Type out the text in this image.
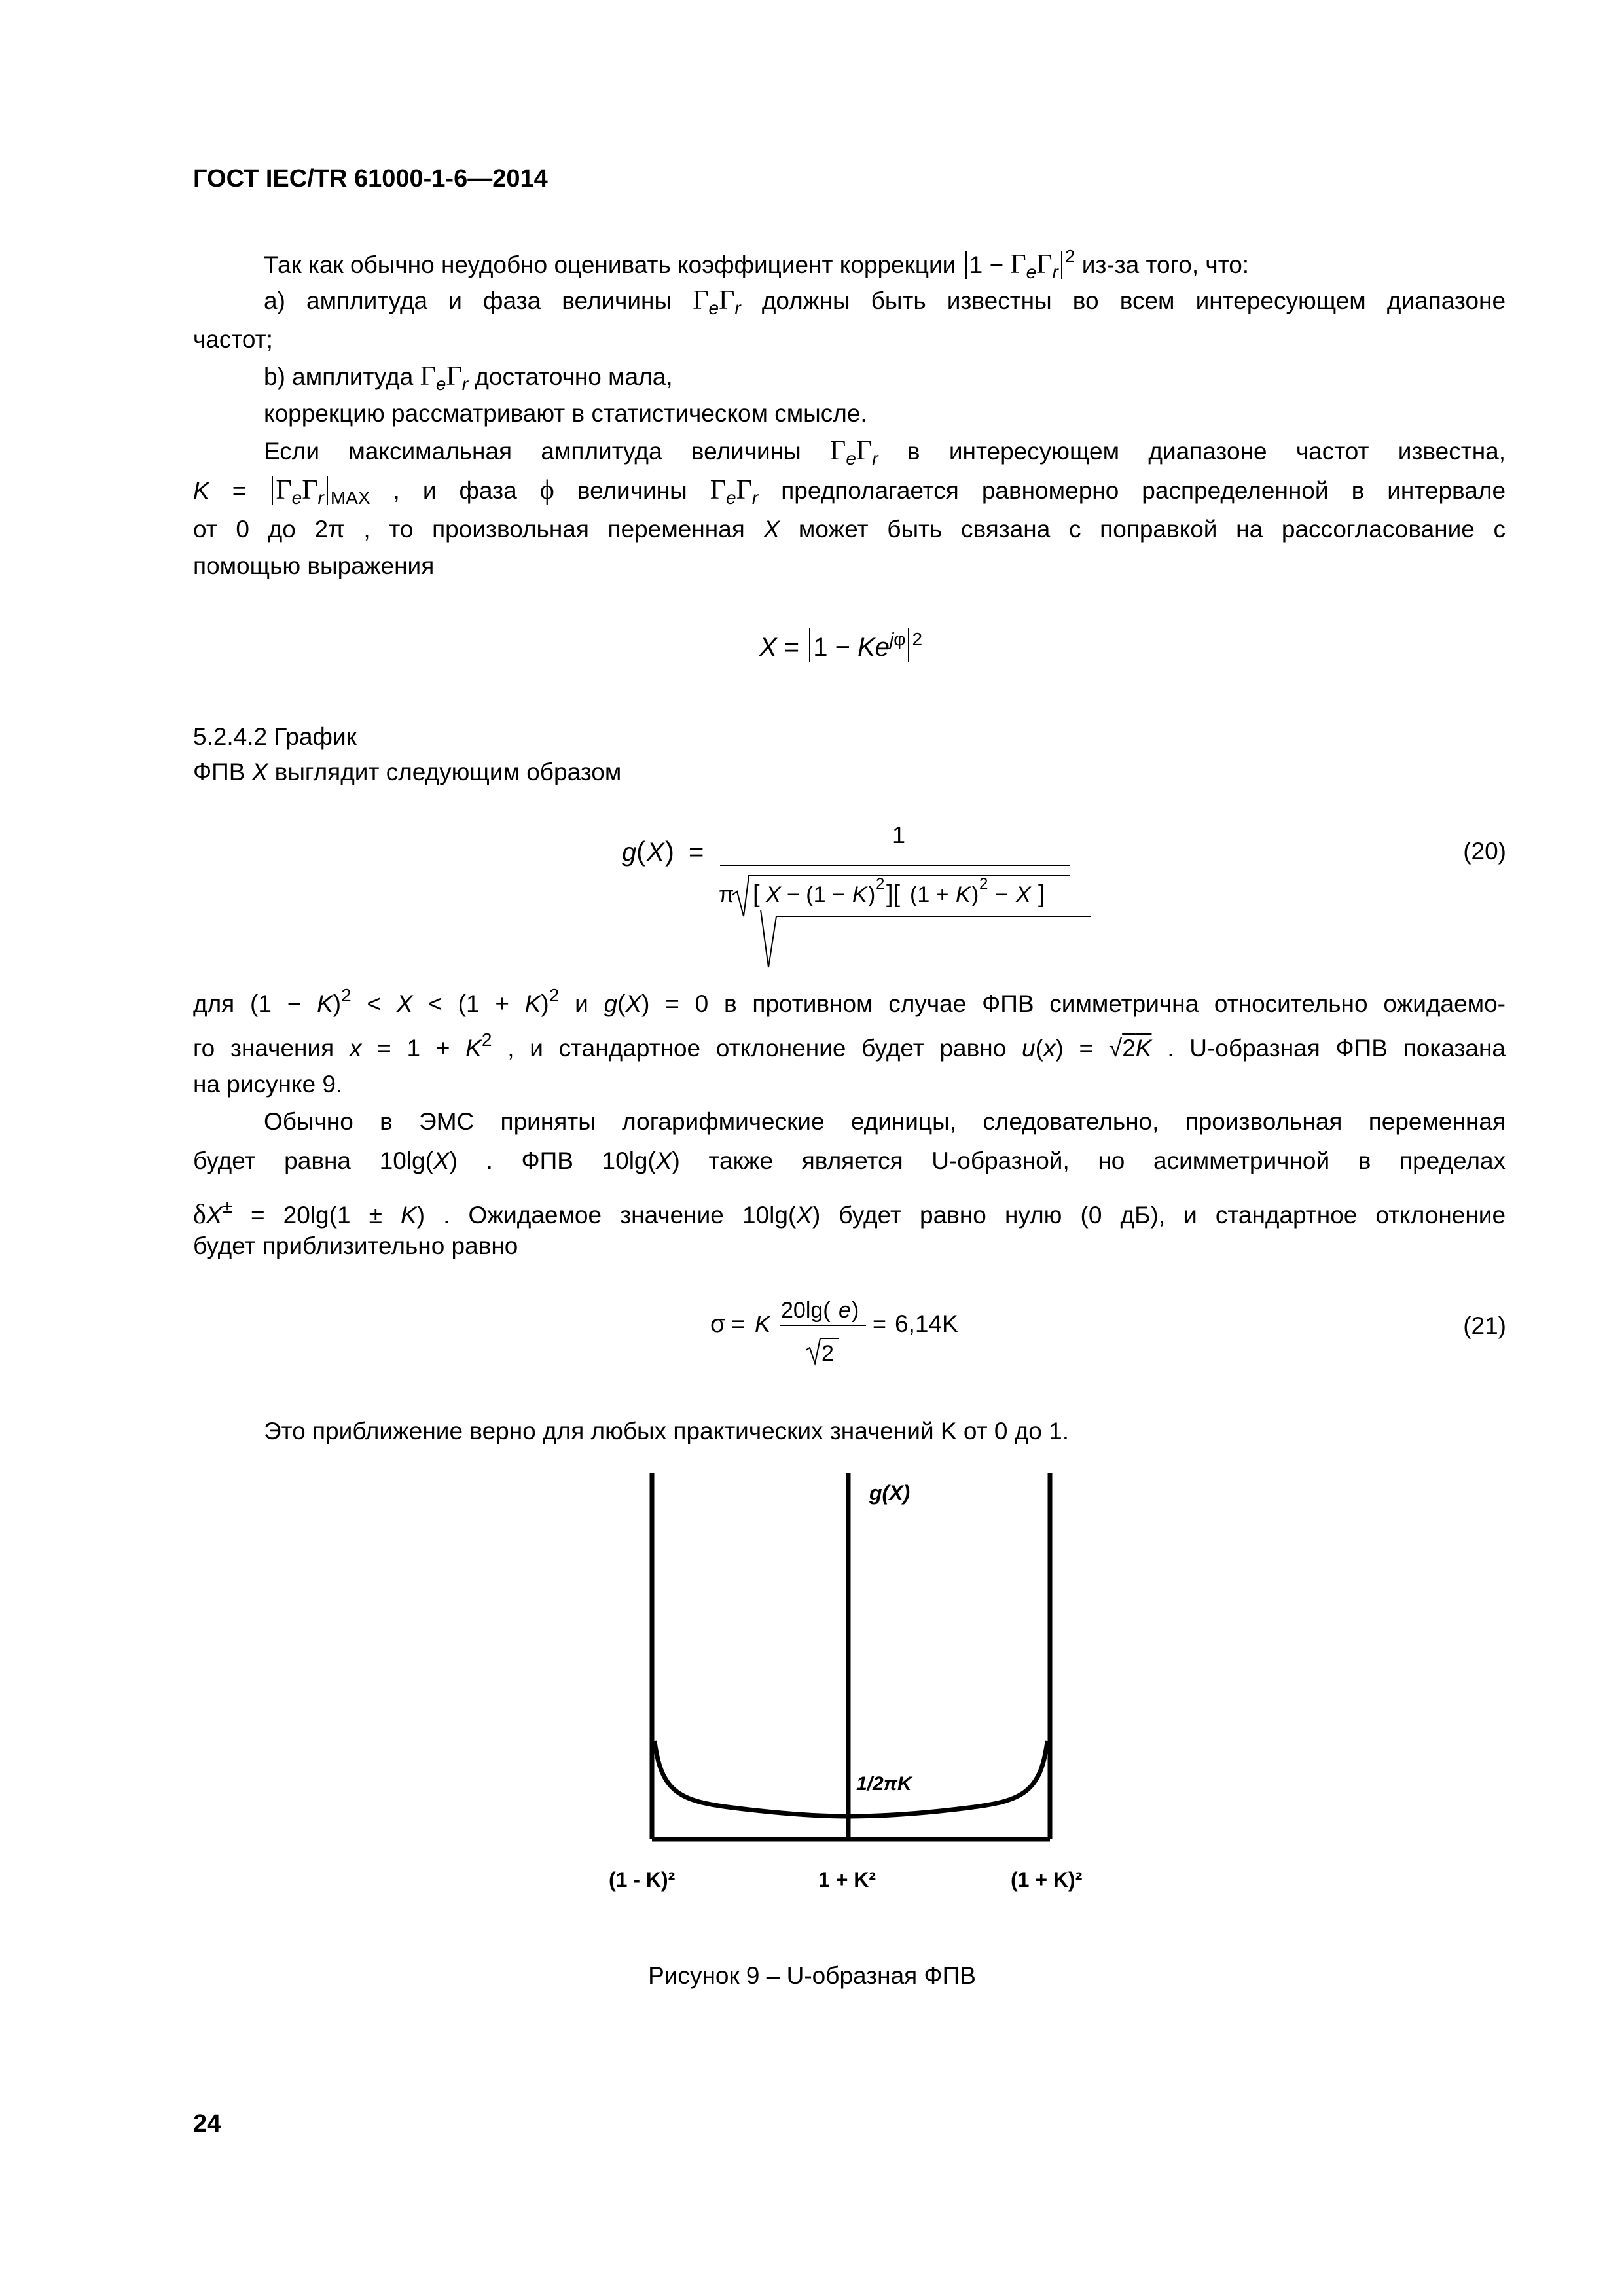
ГОСТ IEC/TR 61000-1-6—2014
Так как обычно неудобно оценивать коэффициент коррекции $1 - \Gamma_e\Gamma_r^2$ из-за того, что:
а) амплитуда и фаза величины $\Gamma_e\Gamma_r$ должны быть известны во всем интересующем диапазоне
частот;
b) амплитуда $\Gamma_e\Gamma_r$ достаточно мала,
коррекцию рассматривают в статистическом смысле.
Если максимальная амплитуда величины $\Gamma_e\Gamma_r$ в интересующем диапазоне частот известна,
$K = \Gamma_e\Gamma_r$ $_{MAX}$ , и фаза ϕ величины $\Gamma_e\Gamma_r$ предполагается равномерно распределенной в интервале
от 0 до 2π , то произвольная переменная X может быть связана с поправкой на рассогласование с
помощью выражения
$X = 1 - Ke^{j\varphi}$ $^2$
5.2.4.2 График
ФПВ X выглядит следующим образом
g ( X ) =
1
π [ X − (1 − K ) 2 ][ (1 + K ) 2 − X ]
(20)
для $(1 - K)^2 < X < (1 + K)^2$ и g(X) = 0 в противном случае ФПВ симметрична относительно ожидаемо-
го значения $x = 1 + K^2$ , и стандартное отклонение будет равно u(x) = √2K . U-образная ФПВ показана
на рисунке 9.
Обычно в ЭМС приняты логарифмические единицы, следовательно, произвольная переменная
будет равна 10lg(X) . ФПВ 10lg(X) также является U-образной, но асимметричной в пределах
δX± = 20lg(1 ± K) . Ожидаемое значение 10lg(X) будет равно нулю (0 дБ), и стандартное отклонение
будет приблизительно равно
σ = K 20lg( e )
2
= 6,14K	(21)
Это приближение верно для любых практических значений K от 0 до 1.
g(X)
1/2πK
(1 - K)²	1 + K²	(1 + K)²
Рисунок 9 – U-образная ФПВ
24
